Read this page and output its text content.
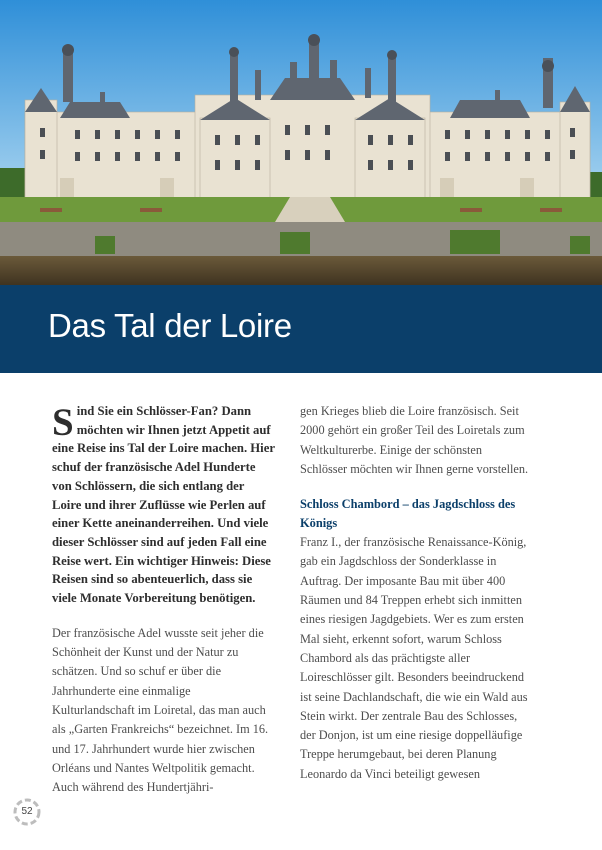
Das Tal der Loire

Sind Sie ein Schlösser-Fan? Dann möchten wir Ihnen jetzt Appetit auf eine Reise ins Tal der Loire machen. Hier schuf der französische Adel Hunderte von Schlössern, die sich entlang der Loire und ihrer Zuflüsse wie Perlen auf einer Kette aneinanderreihen. Und viele dieser Schlösser sind auf jeden Fall eine Reise wert. Ein wichtiger Hinweis: Diese Reisen sind so abenteuerlich, dass sie viele Monate Vorbereitung benötigen.

Der französische Adel wusste seit jeher die Schönheit der Kunst und der Natur zu schätzen. Und so schuf er über die Jahrhunderte eine einmalige Kulturlandschaft im Loiretal, das man auch als „Garten Frankreichs“ bezeichnet. Im 16. und 17. Jahrhundert wurde hier zwischen Orléans und Nantes Weltpolitik gemacht. Auch während des Hundertjähri-

gen Krieges blieb die Loire französisch. Seit 2000 gehört ein großer Teil des Loiretals zum Weltkulturerbe. Einige der schönsten Schlösser möchten wir Ihnen gerne vorstellen.

Schloss Chambord – das Jagdschloss des Königs

Franz I., der französische Renaissance-König, gab ein Jagdschloss der Sonderklasse in Auftrag. Der imposante Bau mit über 400 Räumen und 84 Treppen erhebt sich inmitten eines riesigen Jagdgebiets. Wer es zum ersten Mal sieht, erkennt sofort, warum Schloss Chambord als das prächtigste aller Loireschlösser gilt. Besonders beeindruckend ist seine Dachlandschaft, die wie ein Wald aus Stein wirkt. Der zentrale Bau des Schlosses, der Donjon, ist um eine riesige doppelläufige Treppe herumgebaut, bei deren Planung Leonardo da Vinci beteiligt gewesen

52
